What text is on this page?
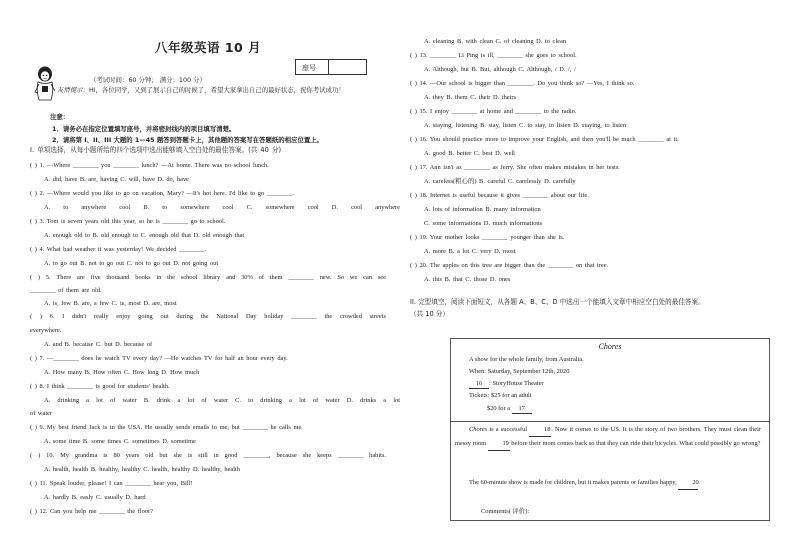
八年级英语 10 月
座号
（考试时间：60 分钟； 满分：100 分）
友情提示：Hi，各位同学，又到了展示自己的时候了，希望大家拿出自己的最好状态，祝你考试成功！
注意：
1．请务必在指定位置填写座号，并将密封线内的项目填写清楚。
2．请将第 I、II、III 大题的 1—45 题答到答题卡上，其他题的答案写在答题纸的相应位置上。
I. 单项选择，从每小题所给的四个选项中选出能够填入空白处的最佳答案。(共 40 分)
( ) 1. —Where ________ you ________ lunch? —At home. There was no school lunch.
A. did, have B. are, having C. will, have D. do, have
( ) 2. —Where would you like to go on vacation, Mary? —It's hot here. I'd like to go ________.
A. to anywhere cool B. to somewhere cool C. somewhere cool D. cool anywhere
( ) 3. Tom is seven years old this year, so he is ________ go to school.
A. enough old to B. old enough to C. enough old that D. old enough that
( ) 4. What bad weather it was yesterday! We decided ________.
A. to go out B. not to go out C. not to go out D. not going out
( ) 5. There are five thousand books in the school library and 30% of them ________ new. So we can see
________ of them are old.
A. is, few B. are, a few C. is, most D. are, most
( ) 6. I didn't really enjoy going out during the National Day holiday ________ the crowded streets
everywhere.
A. and B. because C. but D. because of
( ) 7. —________ does he watch TV every day? —He watches TV for half an hour every day.
A. How many B. How often C. How long D. How much
( ) 8. I think ________ is good for students' health.
A. drinking a lot of water B. drink a lot of water C. to drinking a lot of water D. drinks a lot
of water
( ) 9. My best friend Jack is in the USA. He usually sends emails to me, but ________ he calls me.
A. some time B. some times C. sometimes D. sometime
( ) 10. My grandma is 80 years old but she is still in good ________, because she keeps ________ habits.
A. health, health B. healthy, healthy C. health, healthy D. healthy, health
( ) 11. Speak louder, please! I can ________ hear you, Bill!
A. hardly B. easly C. usually D. hard
( ) 12. Can you help me ________ the floor?
A. cleaning B. with clean C. of cleaning D. to clean
( ) 13. ________ Li Ping is ill, ________ she goes to school.
A. Although, but B. But, although C. Although, / D. /, /
( ) 14. —Our school is bigger than ________. Do you think so? —Yes, I think so.
A. they B. them C. their D. theirs
( ) 15. I enjoy ________ at home and ________ to the radio.
A. staying, listening B. stay, listen C. to stay, to listen D. staying, to listen
( ) 16. You should practice more to improve your English, and then you'll be much ________ at it.
A. good B. better C. best D. well
( ) 17. Ann isn't as ________ as Jerry. She often makes mistakes in her tests.
A. careless(粗心的) B. careful C. carelessly D. carefully
( ) 18. Internet is useful because it gives ________ about our life.
A. lots of information B. many information
C. some informations D. much informations
( ) 19. Your mother looks ________ younger than she is.
A. more B. a lot C. very D. most
( ) 20. The apples on this tree are bigger than the ________ on that tree.
A. this B. that C. those D. ones
II. 完型填空，阅读下面短文，从各题 A、B、C、D 中选出一个能填入文章中相应空白处的最佳答案。
（共 10 分）
Chores
A show for the whole family, from Australia.
When: Saturday, September 12th, 2020
16 : StoryHouse Theater
Tickets: $25 for an adult
$20 for a 17
Chores is a successful 18. Now it comes to the US. It is the story of two brothers. They must clean their messy room 19 before their mom comes back so that they can ride their bicycles. What could possibly go wrong?
The 60-minute show is made for children, but it makes parents or families happy, 20.
Comments( 评价):
